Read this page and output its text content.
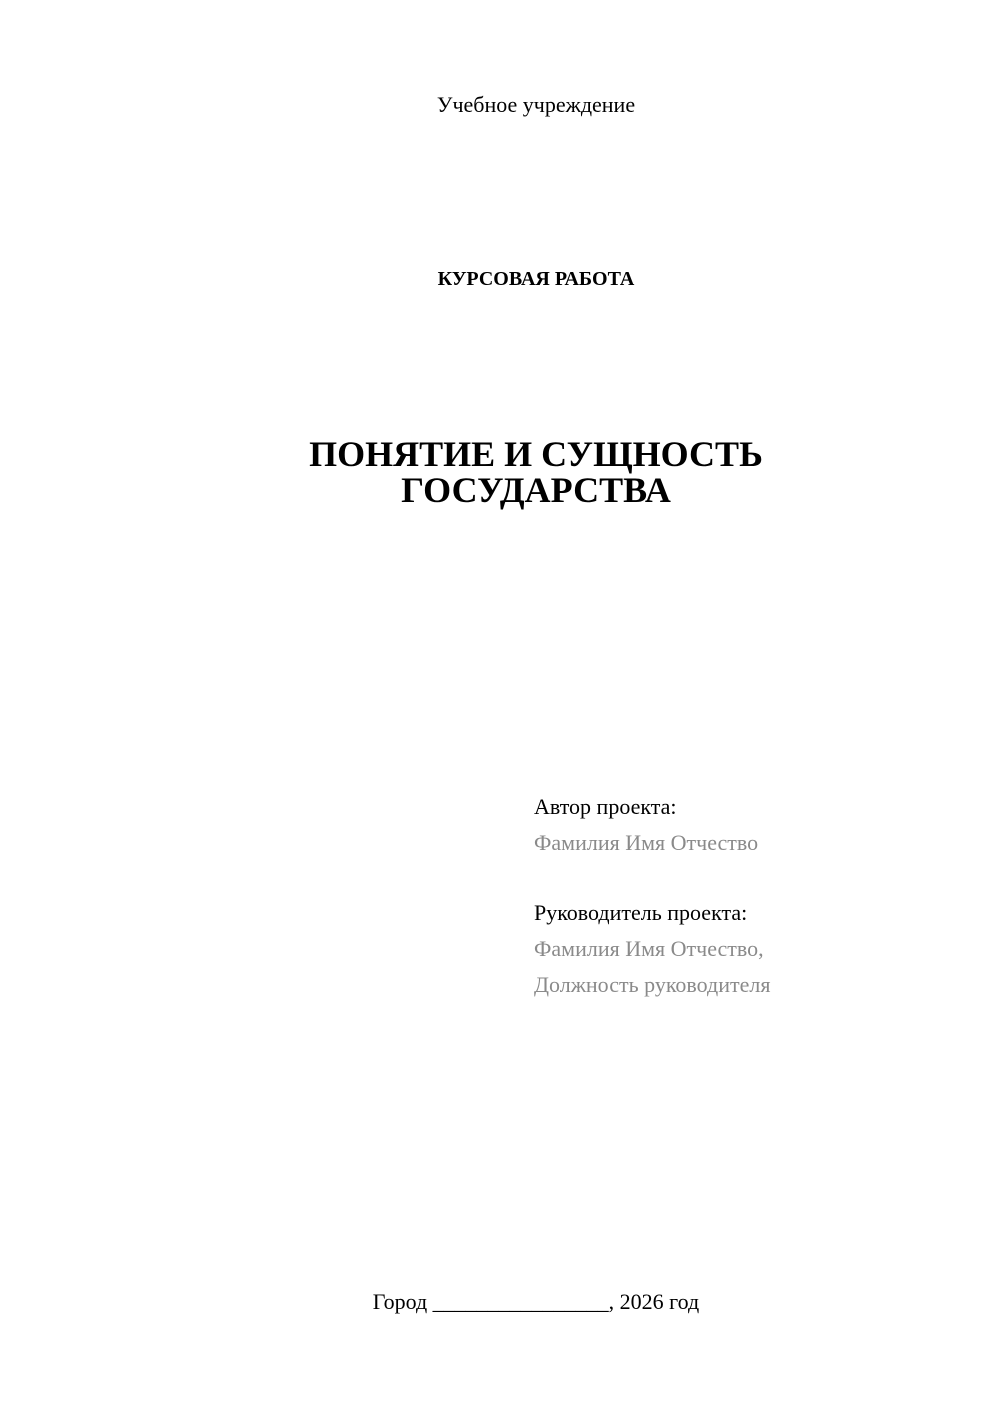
Учебное учреждение
КУРСОВАЯ РАБОТА
ПОНЯТИЕ И СУЩНОСТЬ
ГОСУДАРСТВА
Автор проекта:
Фамилия Имя Отчество
Руководитель проекта:
Фамилия Имя Отчество,
Должность руководителя
Город ________________, 2026 год
